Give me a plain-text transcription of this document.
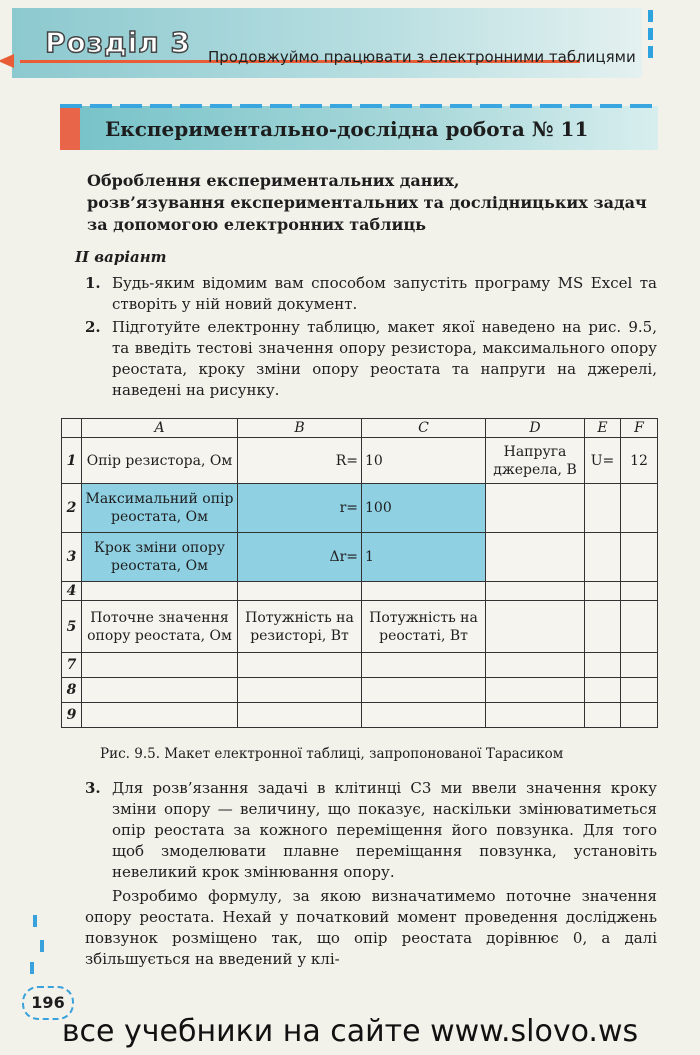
Розділ 3 Продовжуймо працювати з електронними таблицями
Експериментально-дослідна робота № 11
Оброблення експериментальних даних,
розв’язування експериментальних та дослідницьких задач
за допомогою електронних таблиць
II варіант
1. Будь-яким відомим вам способом запустіть програму MS Excel та створіть у ній новий документ.
2. Підготуйте електронну таблицю, макет якої наведено на рис. 9.5, та введіть тестові значення опору резистора, максимального опору реостата, кроку зміни опору реостата та напруги на джерелі, наведені на рисунку.
	A	B	C	D	E	F
1	Опір резистора, Ом	R=	10	Напруга джерела, В	U=	12
2	Максимальний опір реостата, Ом	r=	100			
3	Крок зміни опору реостата, Ом	Δr=	1			
4						
5	Поточне значення опору реостата, Ом	Потужність на резисторі, Вт	Потужність на реостаті, Вт			
7						
8						
9						
Рис. 9.5. Макет електронної таблиці, запропонованої Тарасиком
3. Для розв’язання задачі в клітинці C3 ми ввели значення кроку зміни опору — величину, що показує, наскільки змінюватиметься опір реостата за кожного переміщення його повзунка. Для того щоб змоделювати плавне переміщання повзунка, установіть невеликий крок змінювання опору.
Розробимо формулу, за якою визначатимемо поточне значення опору реостата. Нехай у початковий момент проведення досліджень повзунок розміщено так, що опір реостата дорівнює 0, а далі збільшується на введений у клі-
196
все учебники на сайте www.slovo.ws
